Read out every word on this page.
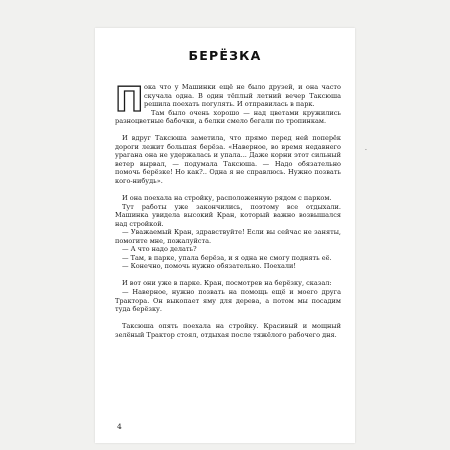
БЕРЁЗКА

Пока что у Машинки ещё не было друзей, и она часто скучала одна. В один тёплый летний вечер Таксюша решила поехать погулять. И отправилась в парк.

Там было очень хорошо — над цветами кружились разноцветные бабочки, а белки смело бегали по тропинкам.

И вдруг Таксюша заметила, что прямо перед ней поперёк дороги лежит большая берёза. «Наверное, во время недавнего урагана она не удержалась и упала... Даже корни этот сильный ветер вырвал, — подумала Таксюша. — Надо обязательно помочь берёзке! Но как?.. Одна я не справлюсь. Нужно позвать кого-нибудь».

И она поехала на стройку, расположенную рядом с парком.

Тут работы уже закончились, поэтому все отдыхали. Машинка увидела высокий Кран, который важно возвышался над стройкой.

— Уважаемый Кран, здравствуйте! Если вы сейчас не заняты, помогите мне, пожалуйста.

— А что надо делать?

— Там, в парке, упала берёза, и я одна не смогу поднять её.

— Конечно, помочь нужно обязательно. Поехали!

И вот они уже в парке. Кран, посмотрев на берёзку, сказал:

— Наверное, нужно позвать на помощь ещё и моего друга Трактора. Он выкопает яму для дерева, а потом мы посадим туда берёзку.

Таксюша опять поехала на стройку. Красивый и мощный зелёный Трактор стоял, отдыхая после тяжёлого рабочего дня.

·
4
